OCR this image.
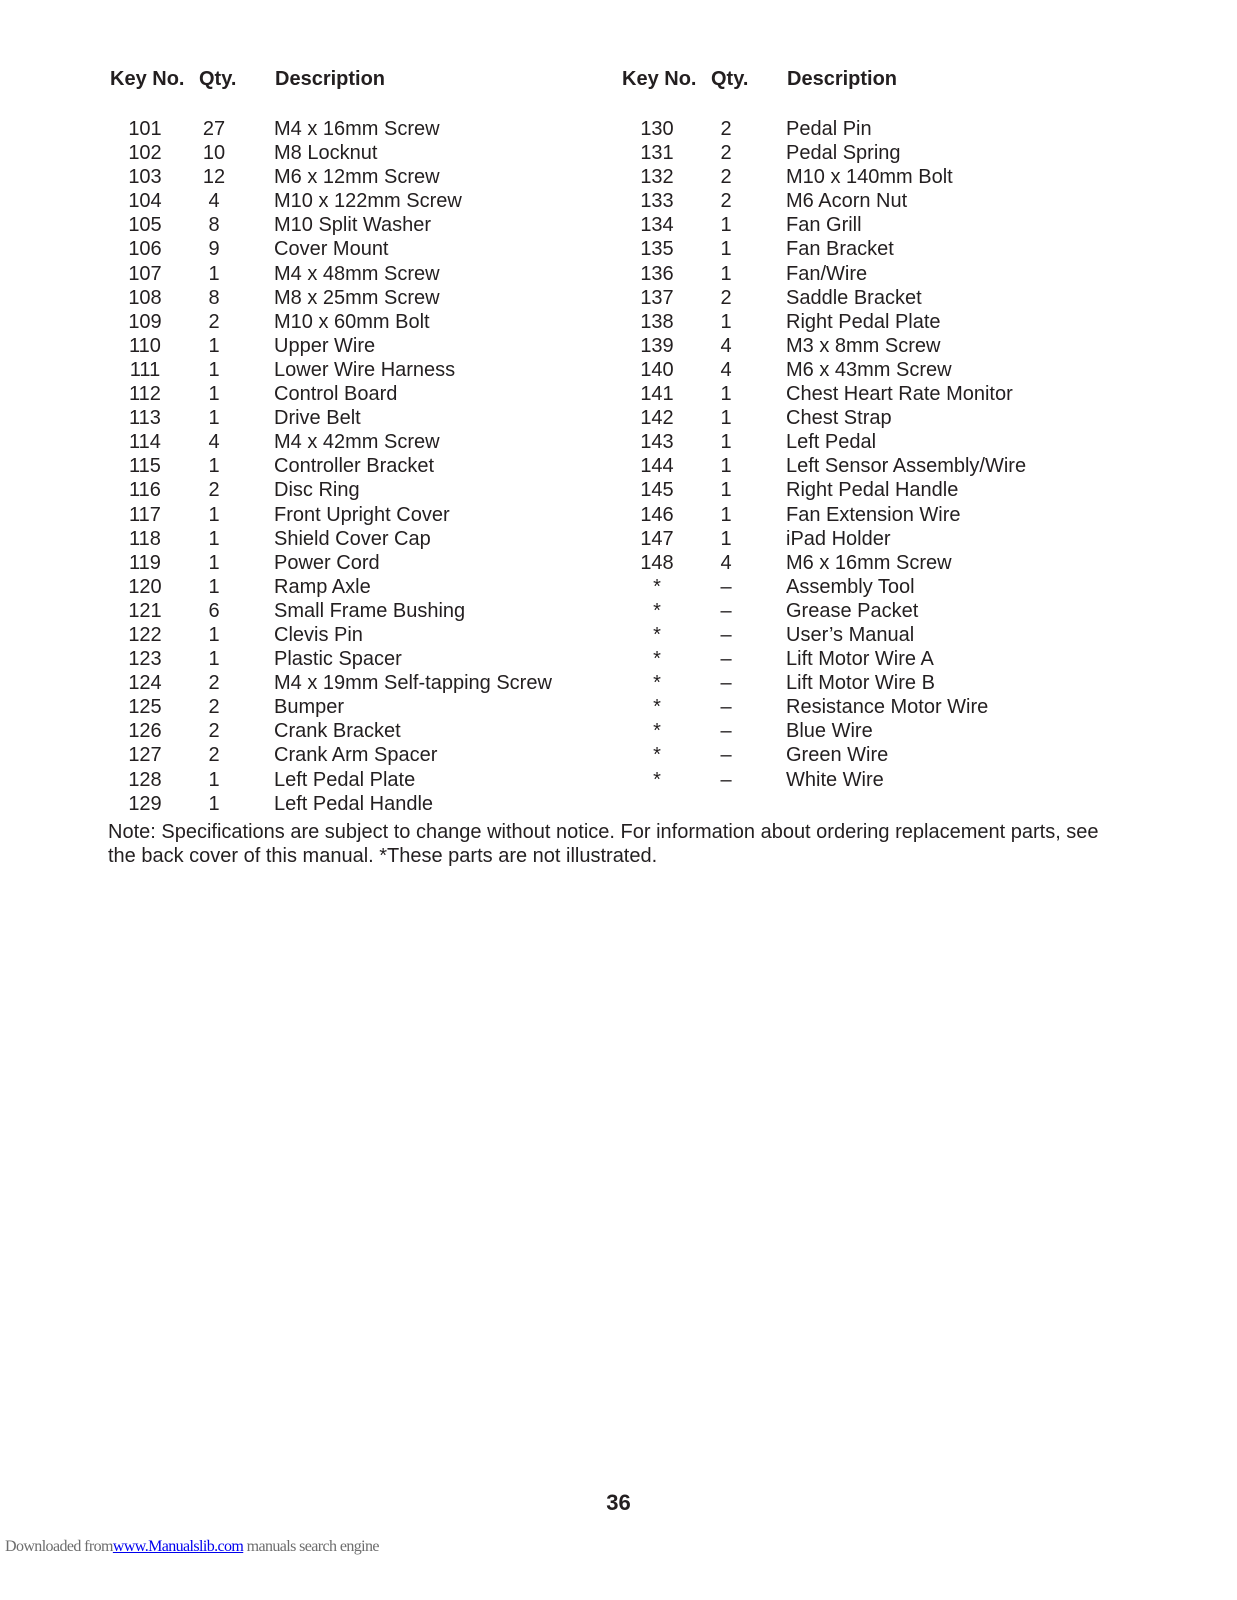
Key No. Qty. Description
101	27	M4 x 16mm Screw
102	10	M8 Locknut
103	12	M6 x 12mm Screw
104	4	M10 x 122mm Screw
105	8	M10 Split Washer
106	9	Cover Mount
107	1	M4 x 48mm Screw
108	8	M8 x 25mm Screw
109	2	M10 x 60mm Bolt
110	1	Upper Wire
111	1	Lower Wire Harness
112	1	Control Board
113	1	Drive Belt
114	4	M4 x 42mm Screw
115	1	Controller Bracket
116	2	Disc Ring
117	1	Front Upright Cover
118	1	Shield Cover Cap
119	1	Power Cord
120	1	Ramp Axle
121	6	Small Frame Bushing
122	1	Clevis Pin
123	1	Plastic Spacer
124	2	M4 x 19mm Self-tapping Screw
125	2	Bumper
126	2	Crank Bracket
127	2	Crank Arm Spacer
128	1	Left Pedal Plate
129	1	Left Pedal Handle
Key No. Qty. Description
130	2	Pedal Pin
131	2	Pedal Spring
132	2	M10 x 140mm Bolt
133	2	M6 Acorn Nut
134	1	Fan Grill
135	1	Fan Bracket
136	1	Fan/Wire
137	2	Saddle Bracket
138	1	Right Pedal Plate
139	4	M3 x 8mm Screw
140	4	M6 x 43mm Screw
141	1	Chest Heart Rate Monitor
142	1	Chest Strap
143	1	Left Pedal
144	1	Left Sensor Assembly/Wire
145	1	Right Pedal Handle
146	1	Fan Extension Wire
147	1	iPad Holder
148	4	M6 x 16mm Screw
*	–	Assembly Tool
*	–	Grease Packet
*	–	User’s Manual
*	–	Lift Motor Wire A
*	–	Lift Motor Wire B
*	–	Resistance Motor Wire
*	–	Blue Wire
*	–	Green Wire
*	–	White Wire
Note: Specifications are subject to change without notice. For information about ordering replacement parts, see the back cover of this manual. *These parts are not illustrated.
36
Downloaded fromwww.Manualslib.com manuals search engine
